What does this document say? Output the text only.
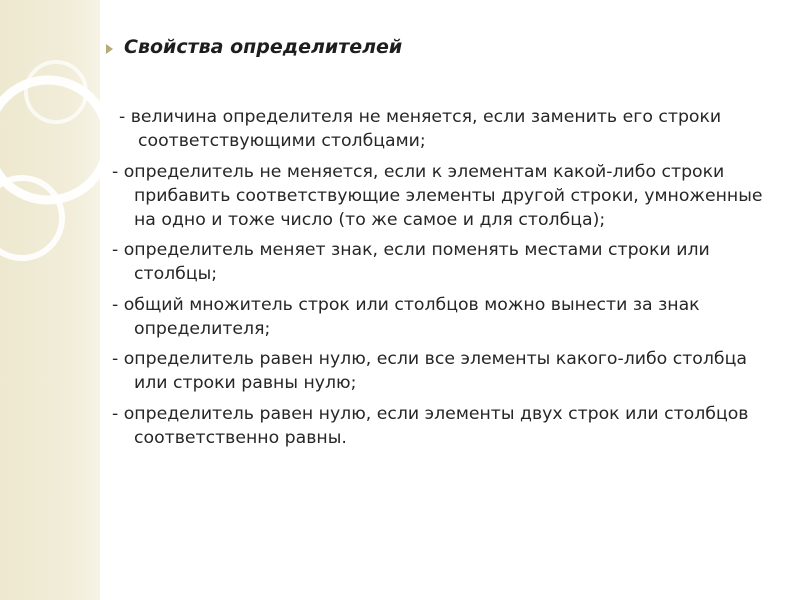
Свойства определителей
- величина определителя не меняется, если заменить его строки соответствующими столбцами;
- определитель не меняется, если к элементам какой-либо строки прибавить соответствующие элементы другой строки, умноженные на одно и тоже число (то же самое и для столбца);
- определитель меняет знак, если поменять местами строки или столбцы;
- общий множитель строк или столбцов можно вынести за знак определителя;
- определитель равен нулю, если все элементы какого-либо столбца или строки равны нулю;
- определитель равен нулю, если элементы двух строк или столбцов соответственно равны.
